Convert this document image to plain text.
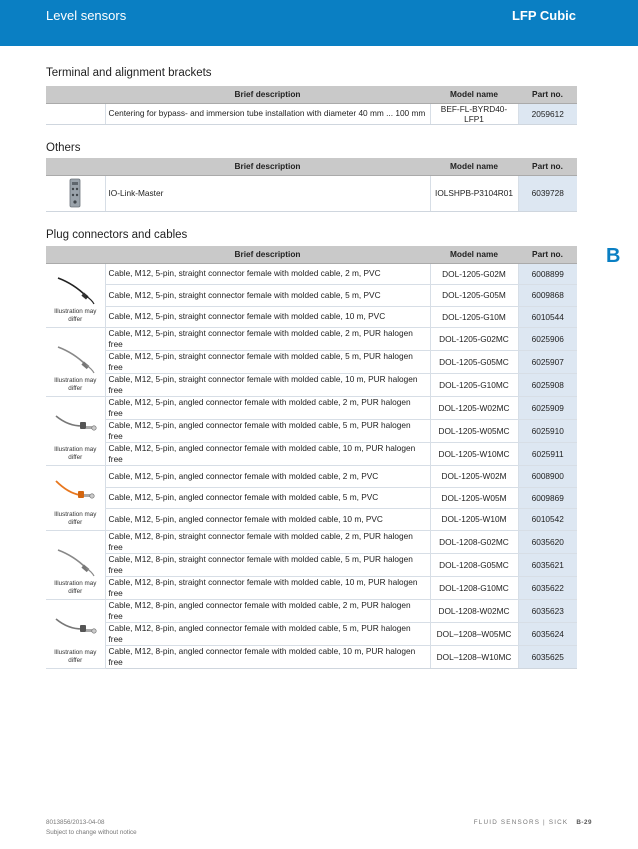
Level sensors	LFP Cubic
Terminal and alignment brackets
	Brief description	Model name	Part no.
	Centering for bypass- and immersion tube installation with diameter 40 mm ... 100 mm	BEF-FL-BYRD40-LFP1	2059612
Others
	Brief description	Model name	Part no.

	IO-Link-Master	IOLSHPB-P3104R01	6039728
Plug connectors and cables
	Brief description	Model name	Part no.

Illustration may differ	Cable, M12, 5-pin, straight connector female with molded cable, 2 m, PVC	DOL-1205-G02M	6008899
	Cable, M12, 5-pin, straight connector female with molded cable, 5 m, PVC	DOL-1205-G05M	6009868
	Cable, M12, 5-pin, straight connector female with molded cable, 10 m, PVC	DOL-1205-G10M	6010544

Illustration may differ	Cable, M12, 5-pin, straight connector female with molded cable, 2 m, PUR halogen free	DOL-1205-G02MC	6025906
	Cable, M12, 5-pin, straight connector female with molded cable, 5 m, PUR halogen free	DOL-1205-G05MC	6025907
	Cable, M12, 5-pin, straight connector female with molded cable, 10 m, PUR halogen free	DOL-1205-G10MC	6025908

Illustration may differ	Cable, M12, 5-pin, angled connector female with molded cable, 2 m, PUR halogen free	DOL-1205-W02MC	6025909
	Cable, M12, 5-pin, angled connector female with molded cable, 5 m, PUR halogen free	DOL-1205-W05MC	6025910
	Cable, M12, 5-pin, angled connector female with molded cable, 10 m, PUR halogen free	DOL-1205-W10MC	6025911

Illustration may differ	Cable, M12, 5-pin, angled connector female with molded cable, 2 m, PVC	DOL-1205-W02M	6008900
	Cable, M12, 5-pin, angled connector female with molded cable, 5 m, PVC	DOL-1205-W05M	6009869
	Cable, M12, 5-pin, angled connector female with molded cable, 10 m, PVC	DOL-1205-W10M	6010542

Illustration may differ	Cable, M12, 8-pin, straight connector female with molded cable, 2 m, PUR halogen free	DOL-1208-G02MC	6035620
	Cable, M12, 8-pin, straight connector female with molded cable, 5 m, PUR halogen free	DOL-1208-G05MC	6035621
	Cable, M12, 8-pin, straight connector female with molded cable, 10 m, PUR halogen free	DOL-1208-G10MC	6035622

Illustration may differ	Cable, M12, 8-pin, angled connector female with molded cable, 2 m, PUR halogen free	DOL-1208-W02MC	6035623
	Cable, M12, 8-pin, angled connector female with molded cable, 5 m, PUR halogen free	DOL–1208–W05MC	6035624
	Cable, M12, 8-pin, angled connector female with molded cable, 10 m, PUR halogen free	DOL–1208–W10MC	6035625
B
8013856/2013-04-08
Subject to change without notice
FLUID SENSORS | SICK B-29
